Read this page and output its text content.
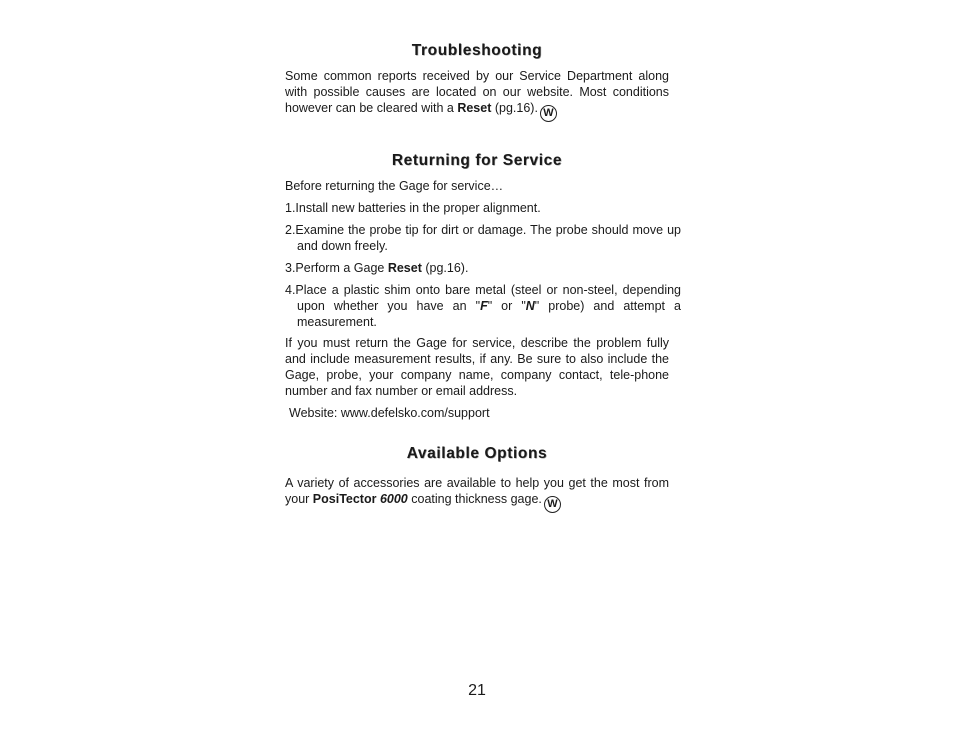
Troubleshooting

Some common reports received by our Service Department along with possible causes are located on our website. Most conditions however can be cleared with a Reset (pg.16). W

Returning for Service

Before returning the Gage for service…

1.Install new batteries in the proper alignment.

2.Examine the probe tip for dirt or damage. The probe should move up and down freely.

3.Perform a Gage Reset (pg.16).

4.Place a plastic shim onto bare metal (steel or non-steel, depending upon whether you have an "F" or "N" probe) and attempt a measurement.

If you must return the Gage for service, describe the problem fully and include measurement results, if any. Be sure to also include the Gage, probe, your company name, company contact, tele-phone number and fax number or email address.

Website: www.defelsko.com/support

Available Options

A variety of accessories are available to help you get the most from your PosiTector 6000 coating thickness gage. W

21
